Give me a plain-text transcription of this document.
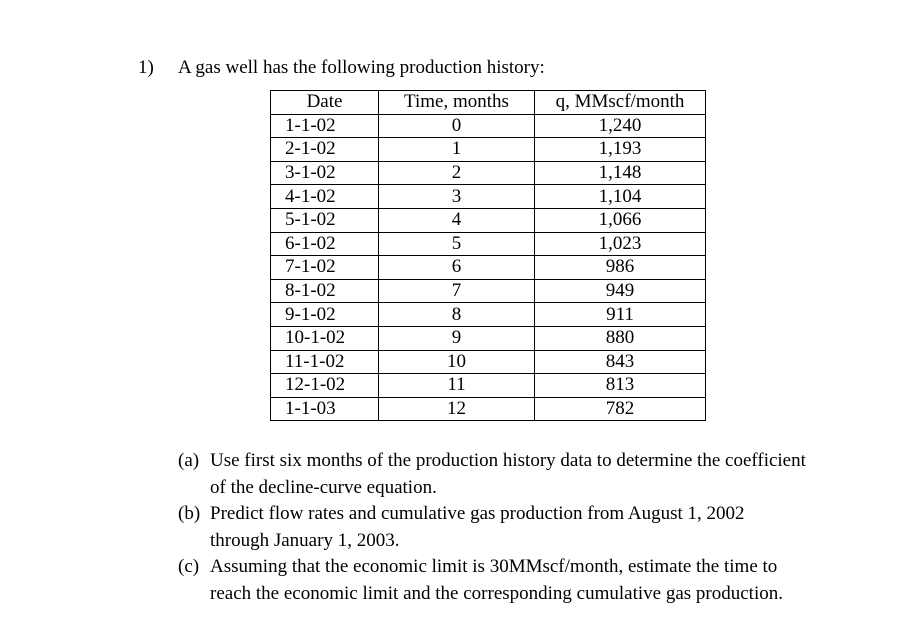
1) A gas well has the following production history:
Date	Time, months	q, MMscf/month
1-1-02	0	1,240
2-1-02	1	1,193
3-1-02	2	1,148
4-1-02	3	1,104
5-1-02	4	1,066
6-1-02	5	1,023
7-1-02	6	986
8-1-02	7	949
9-1-02	8	911
10-1-02	9	880
11-1-02	10	843
12-1-02	11	813
1-1-03	12	782
(a) Use first six months of the production history data to determine the coefficient
of the decline-curve equation.
(b) Predict flow rates and cumulative gas production from August 1, 2002
through January 1, 2003.
(c) Assuming that the economic limit is 30MMscf/month, estimate the time to
reach the economic limit and the corresponding cumulative gas production.
